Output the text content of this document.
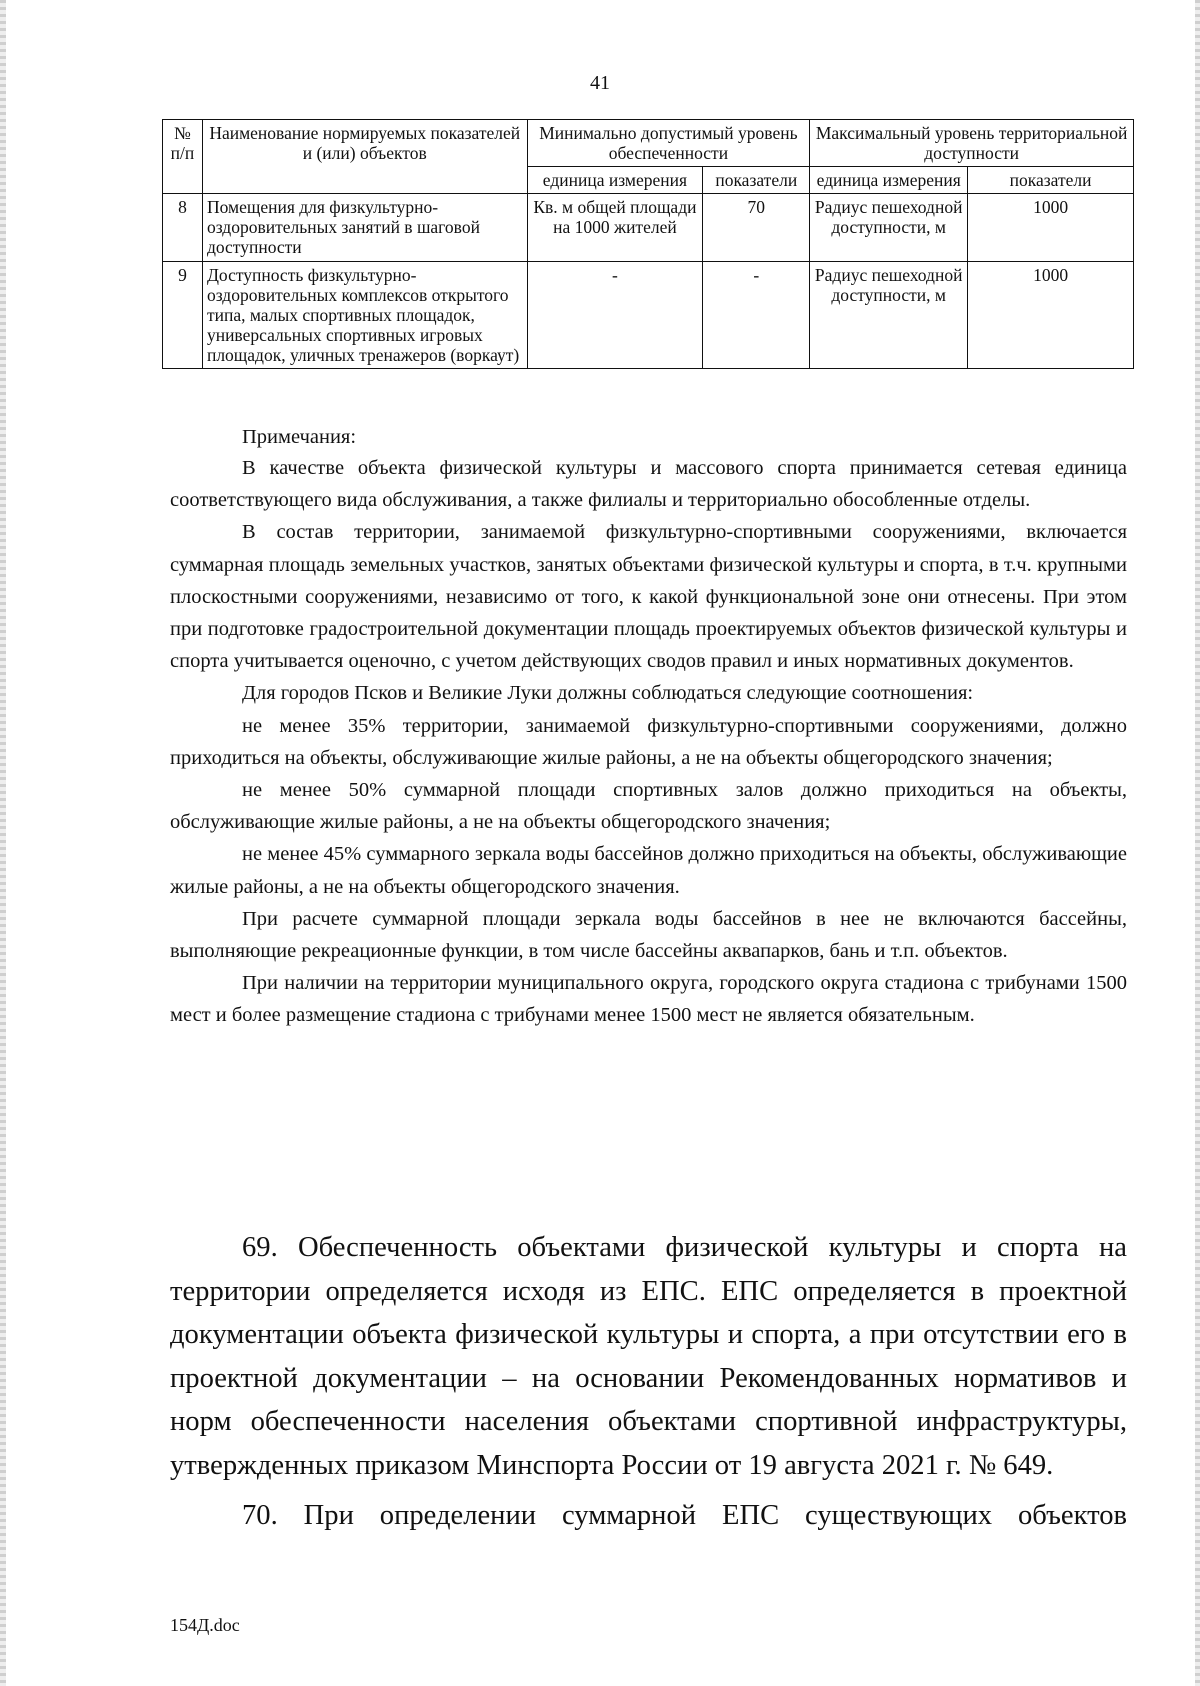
41
№ п/п	Наименование нормируемых показателей и (или) объектов	Минимально допустимый уровень обеспеченности		Максимальный уровень территориальной доступности	
		единица измерения	показатели	единица измерения	показатели
8	Помещения для физкультурно-оздоровительных занятий в шаговой доступности	Кв. м общей площади на 1000 жителей	70	Радиус пешеходной доступности, м	1000
9	Доступность физкультурно-оздоровительных комплексов открытого типа, малых спортивных площадок, универсальных спортивных игровых площадок, уличных тренажеров (воркаут)	-	-	Радиус пешеходной доступности, м	1000

Примечания:

В качестве объекта физической культуры и массового спорта принимается сетевая единица соответствующего вида обслуживания, а также филиалы и территориально обособленные отделы.

В состав территории, занимаемой физкультурно-спортивными сооружениями, включается суммарная площадь земельных участков, занятых объектами физической культуры и спорта, в т.ч. крупными плоскостными сооружениями, независимо от того, к какой функциональной зоне они отнесены. При этом при подготовке градостроительной документации площадь проектируемых объектов физической культуры и спорта учитывается оценочно, с учетом действующих сводов правил и иных нормативных документов.

Для городов Псков и Великие Луки должны соблюдаться следующие соотношения:

не менее 35% территории, занимаемой физкультурно-спортивными сооружениями, должно приходиться на объекты, обслуживающие жилые районы, а не на объекты общегородского значения;

не менее 50% суммарной площади спортивных залов должно приходиться на объекты, обслуживающие жилые районы, а не на объекты общегородского значения;

не менее 45% суммарного зеркала воды бассейнов должно приходиться на объекты, обслуживающие жилые районы, а не на объекты общегородского значения.

При расчете суммарной площади зеркала воды бассейнов в нее не включаются бассейны, выполняющие рекреационные функции, в том числе бассейны аквапарков, бань и т.п. объектов.

При наличии на территории муниципального округа, городского округа стадиона с трибунами 1500 мест и более размещение стадиона с трибунами менее 1500 мест не является обязательным.

69. Обеспеченность объектами физической культуры и спорта на территории определяется исходя из ЕПС. ЕПС определяется в проектной документации объекта физической культуры и спорта, а при отсутствии его в проектной документации – на основании Рекомендованных нормативов и норм обеспеченности населения объектами спортивной инфраструктуры, утвержденных приказом Минспорта России от 19 августа 2021 г. № 649.

70. При определении суммарной ЕПС существующих объектов

154Д.doc
